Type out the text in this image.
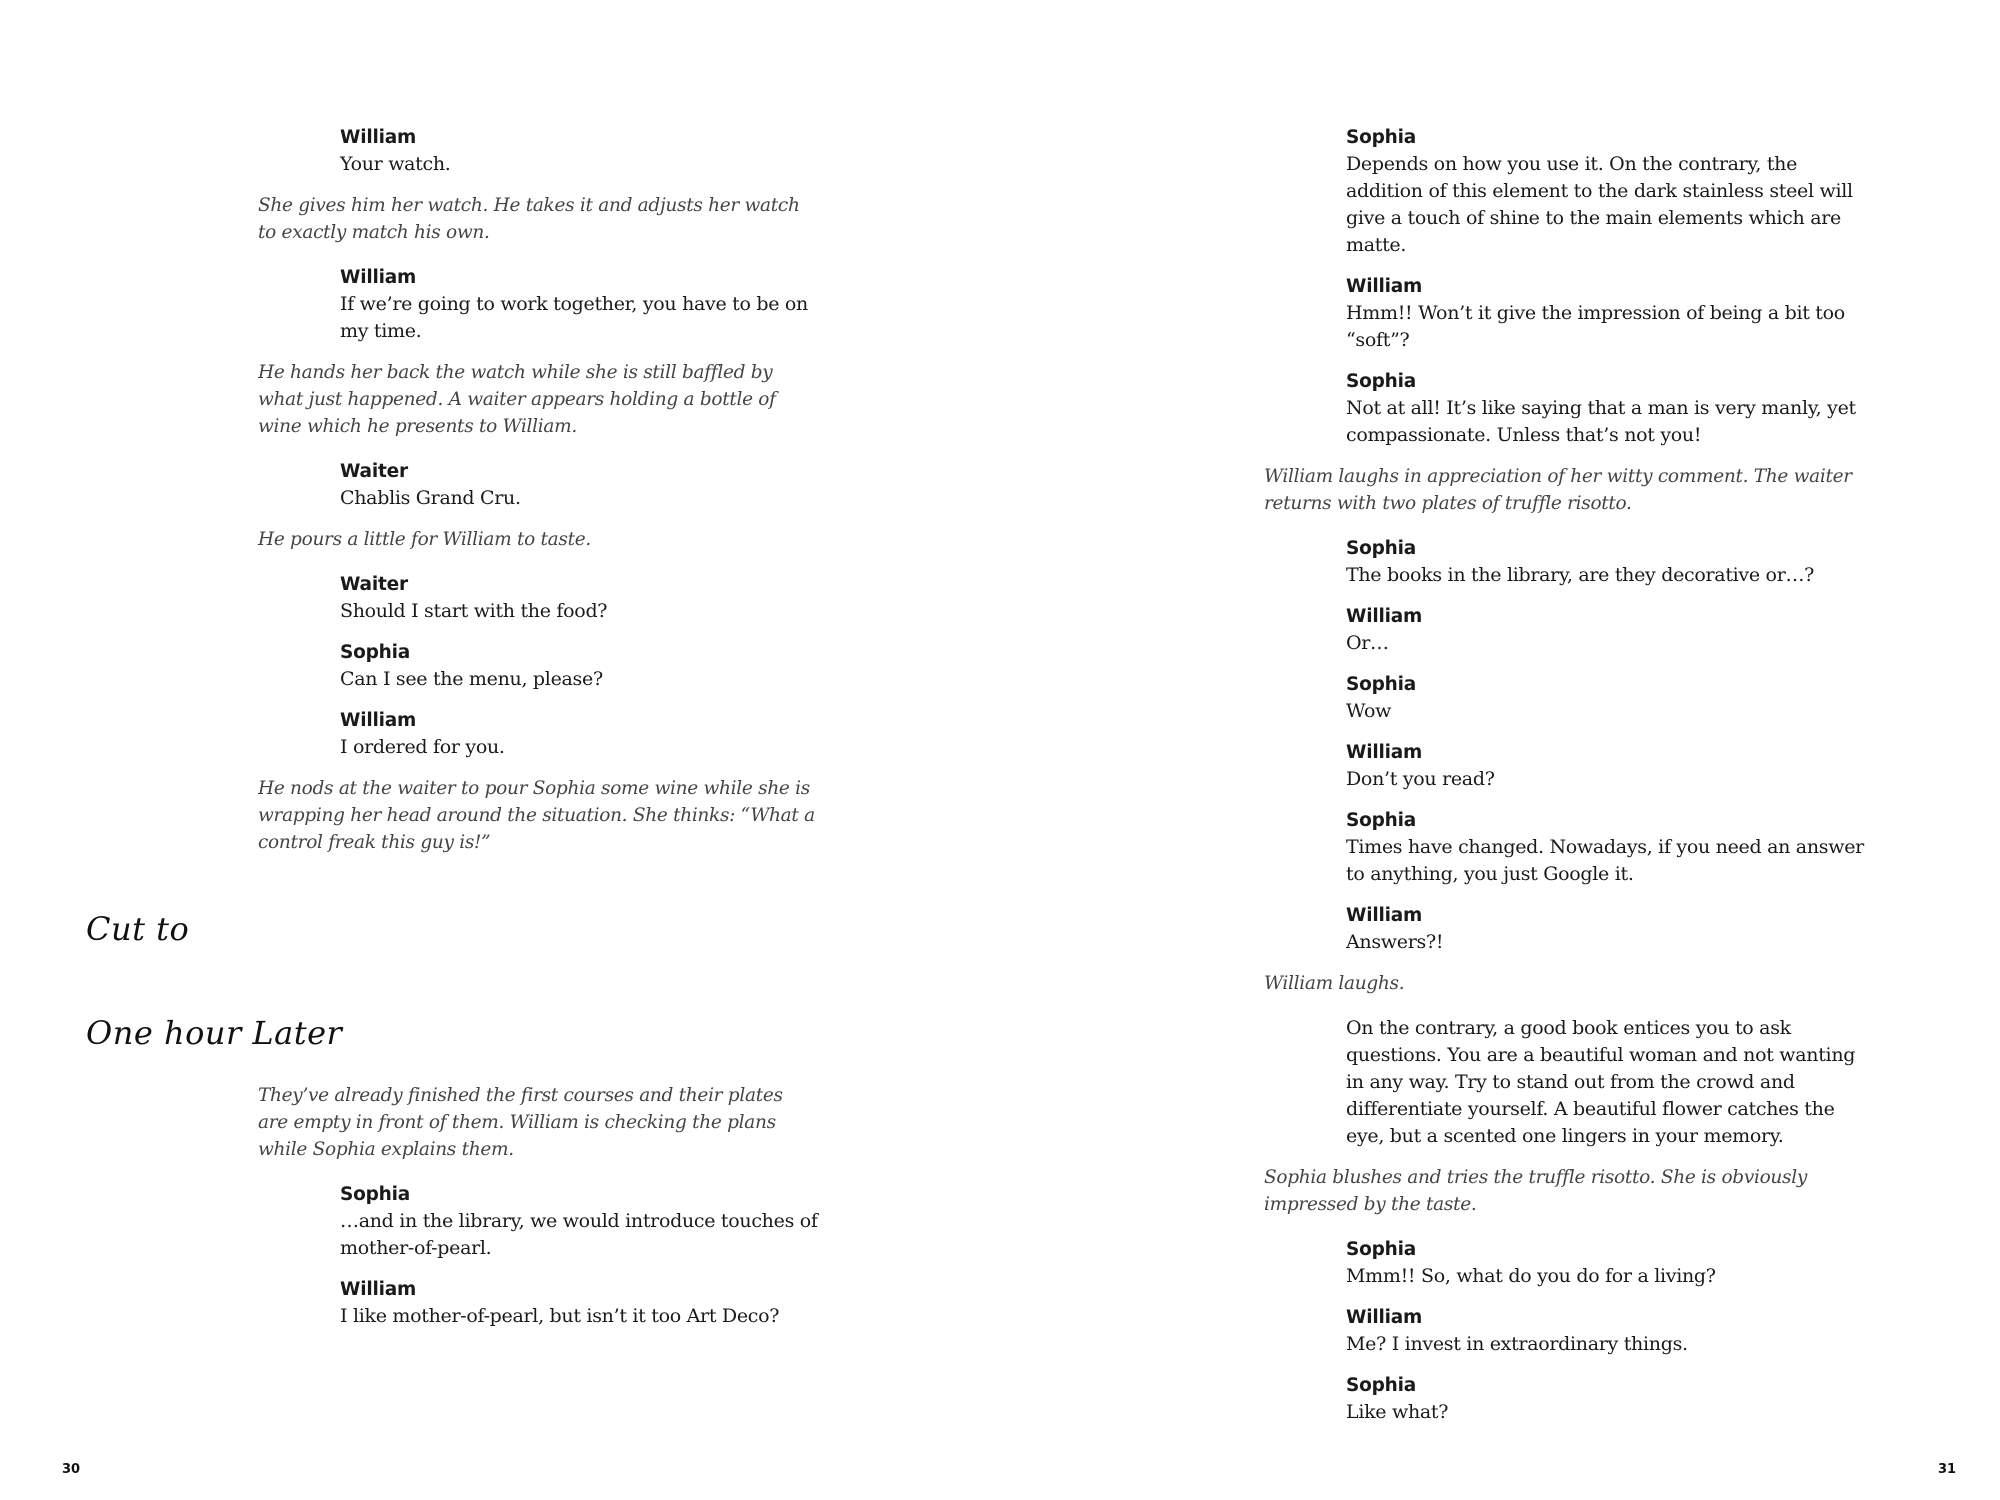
William
Your watch.
She gives him her watch. He takes it and adjusts her watch to exactly match his own.
William
If we’re going to work together, you have to be on my time.
He hands her back the watch while she is still baffled by what just happened. A waiter appears holding a bottle of wine which he presents to William.
Waiter
Chablis Grand Cru.
He pours a little for William to taste.
Waiter
Should I start with the food?
Sophia
Can I see the menu, please?
William
I ordered for you.
He nods at the waiter to pour Sophia some wine while she is wrapping her head around the situation. She thinks: “What a control freak this guy is!”
Cut to
One hour Later
They’ve already finished the first courses and their plates are empty in front of them. William is checking the plans while Sophia explains them.
Sophia
…and in the library, we would introduce touches of mother-of-pearl.
William
I like mother-of-pearl, but isn’t it too Art Deco?
30
Sophia
Depends on how you use it. On the contrary, the addition of this element to the dark stainless steel will give a touch of shine to the main elements which are matte.
William
Hmm!! Won’t it give the impression of being a bit too “soft”?
Sophia
Not at all! It’s like saying that a man is very manly, yet compassionate. Unless that’s not you!
William laughs in appreciation of her witty comment. The waiter returns with two plates of truffle risotto.
Sophia
The books in the library, are they decorative or…?
William
Or…
Sophia
Wow
William
Don’t you read?
Sophia
Times have changed. Nowadays, if you need an answer to anything, you just Google it.
William
Answers?!
William laughs.
On the contrary, a good book entices you to ask questions. You are a beautiful woman and not wanting in any way. Try to stand out from the crowd and differentiate yourself. A beautiful flower catches the eye, but a scented one lingers in your memory.
Sophia blushes and tries the truffle risotto. She is obviously impressed by the taste.
Sophia
Mmm!! So, what do you do for a living?
William
Me? I invest in extraordinary things.
Sophia
Like what?
31
